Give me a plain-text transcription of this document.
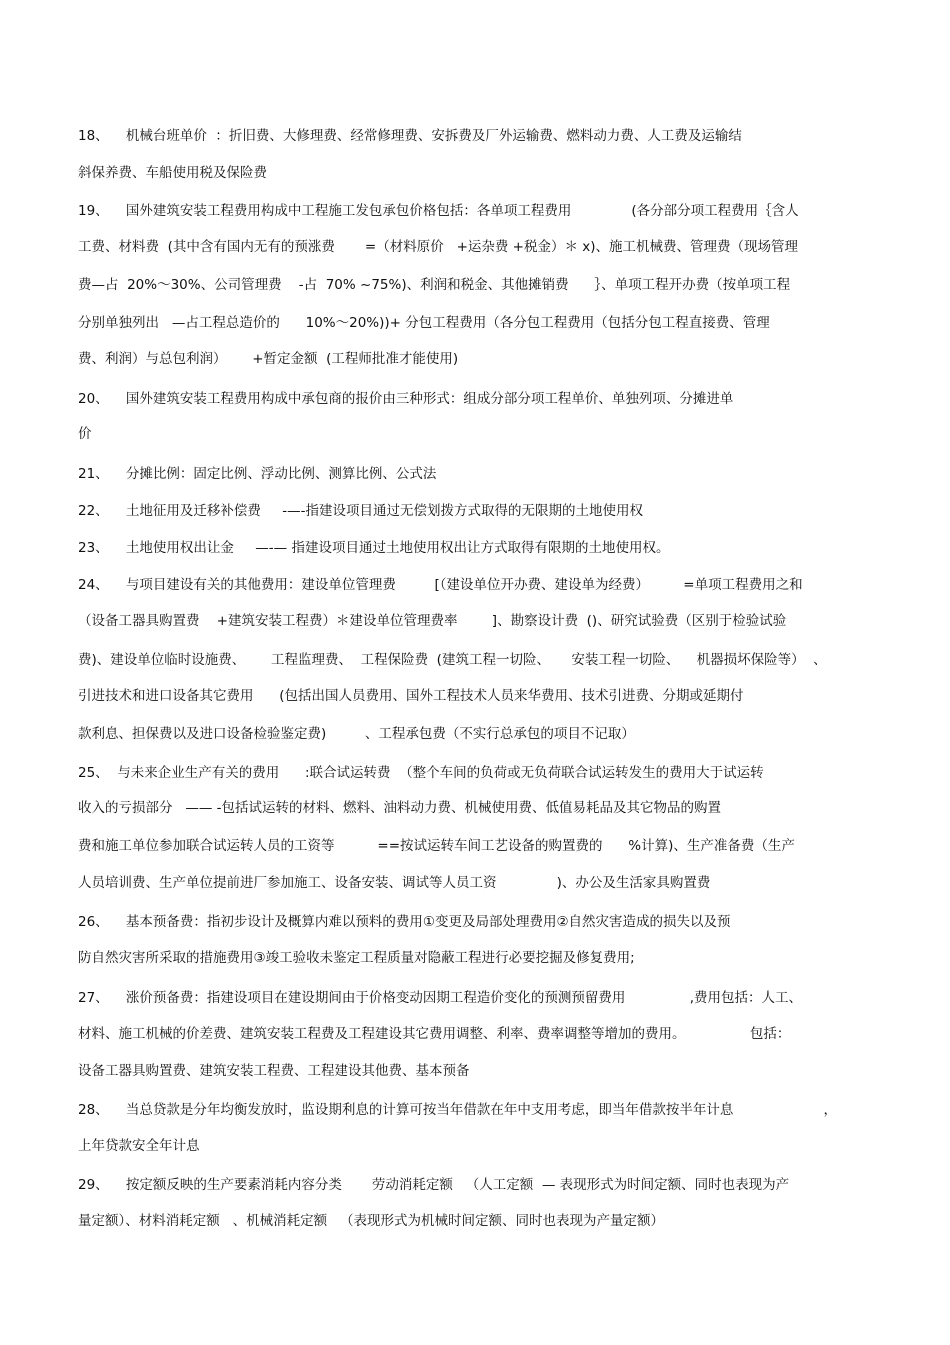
18、    机械台班单价  ：折旧费、大修理费、经常修理费、安拆费及厂外运输费、燃料动力费、人工费及运输结
斜保养费、车船使用税及保险费
19、    国外建筑安装工程费用构成中工程施工发包承包价格包括：各单项工程费用              (各分部分项工程费用｛含人
工费、材料费  (其中含有国内无有的预涨费       =（材料原价   +运杂费 +税金）＊ x)、施工机械费、管理费（现场管理
费—占  20%～30%、公司管理费    -占  70% ~75%)、利润和税金、其他摊销费      ｝、单项工程开办费（按单项工程
分别单独列出   —占工程总造价的      10%～20%))+ 分包工程费用（各分包工程费用（包括分包工程直接费、管理
费、利润）与总包利润）      +暂定金额  (工程师批准才能使用)
20、    国外建筑安装工程费用构成中承包商的报价由三种形式：组成分部分项工程单价、单独列项、分摊进单
价
21、    分摊比例：固定比例、浮动比例、测算比例、公式法
22、    土地征用及迁移补偿费     -—-指建设项目通过无偿划拨方式取得的无限期的土地使用权
23、    土地使用权出让金     —-— 指建设项目通过土地使用权出让方式取得有限期的土地使用权。
24、    与项目建设有关的其他费用：建设单位管理费         [（建设单位开办费、建设单为经费）        =单项工程费用之和
（设备工器具购置费    +建筑安装工程费）＊建设单位管理费率        ]、勘察设计费  ()、研究试验费（区别于检验试验
费)、建设单位临时设施费、      工程监理费、  工程保险费  (建筑工程一切险、     安装工程一切险、    机器损坏保险等）  、
引进技术和进口设备其它费用      (包括出国人员费用、国外工程技术人员来华费用、技术引进费、分期或延期付
款利息、担保费以及进口设备检验鉴定费)         、工程承包费（不实行总承包的项目不记取）
25、  与未来企业生产有关的费用      :联合试运转费  （整个车间的负荷或无负荷联合试运转发生的费用大于试运转
收入的亏损部分   —— -包括试运转的材料、燃料、油料动力费、机械使用费、低值易耗品及其它物品的购置
费和施工单位参加联合试运转人员的工资等          ==按试运转车间工艺设备的购置费的      %计算)、生产准备费（生产
人员培训费、生产单位提前进厂参加施工、设备安装、调试等人员工资              )、办公及生活家具购置费
26、    基本预备费：指初步设计及概算内难以预料的费用①变更及局部处理费用②自然灾害造成的损失以及预
防自然灾害所采取的措施费用③竣工验收未鉴定工程质量对隐蔽工程进行必要挖掘及修复费用;
27、    涨价预备费：指建设项目在建设期间由于价格变动因期工程造价变化的预测预留费用               ,费用包括：人工、
材料、施工机械的价差费、建筑安装工程费及工程建设其它费用调整、利率、费率调整等增加的费用。               包括：
设备工器具购置费、建筑安装工程费、工程建设其他费、基本预备
28、    当总贷款是分年均衡发放时，监设期利息的计算可按当年借款在年中支用考虑，即当年借款按半年计息                     ，
上年贷款安全年计息
29、    按定额反映的生产要素消耗内容分类       劳动消耗定额   （人工定额  — 表现形式为时间定额、同时也表现为产
量定额）、材料消耗定额   、机械消耗定额   （表现形式为机械时间定额、同时也表现为产量定额）
